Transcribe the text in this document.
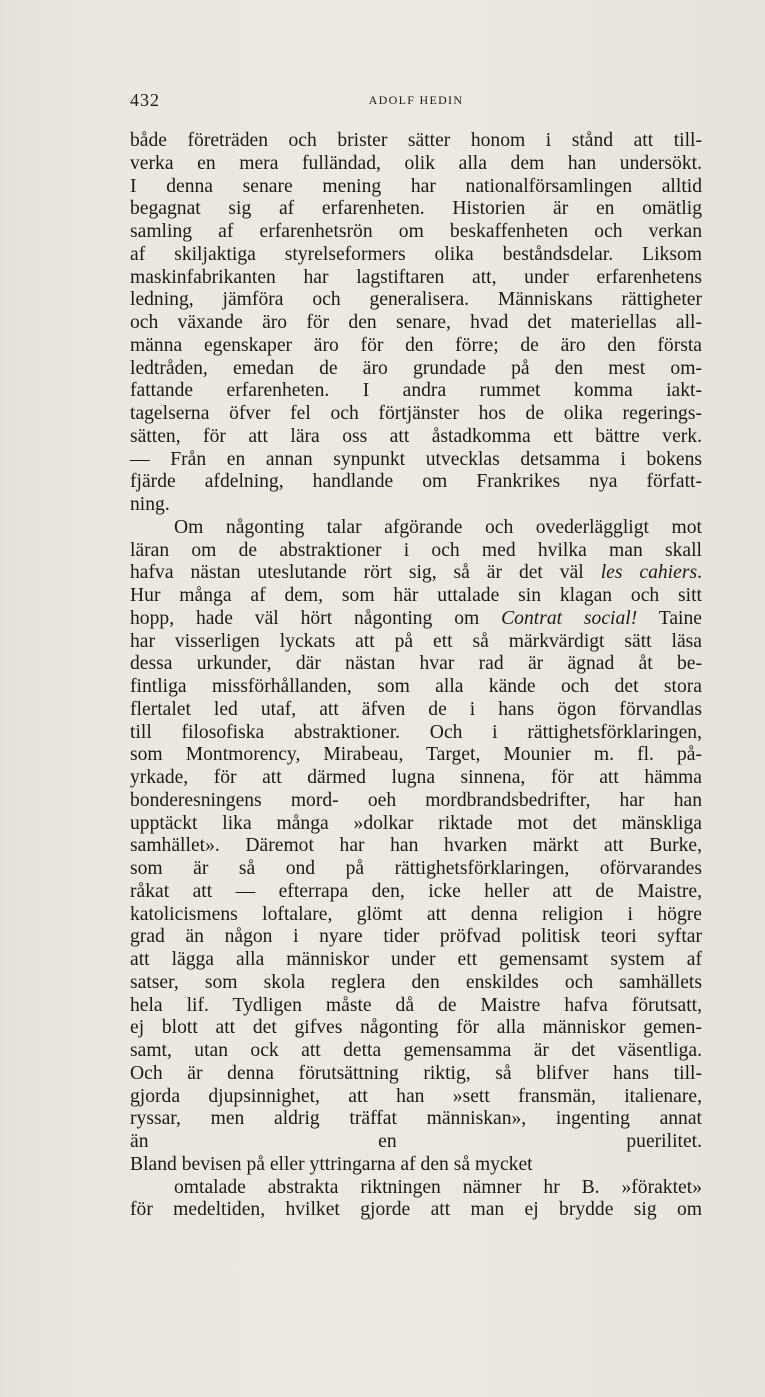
432	ADOLF HEDIN

både företräden och brister sätter honom i stånd att till-

verka en mera fulländad, olik alla dem han undersökt.

I denna senare mening har nationalförsamlingen alltid

begagnat sig af erfarenheten. Historien är en omätlig

samling af erfarenhetsrön om beskaffenheten och verkan

af skiljaktiga styrelseformers olika beståndsdelar. Liksom

maskinfabrikanten har lagstiftaren att, under erfarenhetens

ledning, jämföra och generalisera. Människans rättigheter

och växande äro för den senare, hvad det materiellas all-

männa egenskaper äro för den förre; de äro den första

ledtråden, emedan de äro grundade på den mest om-

fattande erfarenheten. I andra rummet komma iakt-

tagelserna öfver fel och förtjänster hos de olika regerings-

sätten, för att lära oss att åstadkomma ett bättre verk.

— Från en annan synpunkt utvecklas detsamma i bokens

fjärde afdelning, handlande om Frankrikes nya författ-

ning.

Om någonting talar afgörande och ovederläggligt mot

läran om de abstraktioner i och med hvilka man skall

hafva nästan uteslutande rört sig, så är det väl les cahiers.

Hur många af dem, som här uttalade sin klagan och sitt

hopp, hade väl hört någonting om Contrat social! Taine

har visserligen lyckats att på ett så märkvärdigt sätt läsa

dessa urkunder, där nästan hvar rad är ägnad åt be-

fintliga missförhållanden, som alla kände och det stora

flertalet led utaf, att äfven de i hans ögon förvandlas

till filosofiska abstraktioner. Och i rättighetsförklaringen,

som Montmorency, Mirabeau, Target, Mounier m. fl. på-

yrkade, för att därmed lugna sinnena, för att hämma

bonderesningens mord- oeh mordbrandsbedrifter, har han

upptäckt lika många »dolkar riktade mot det mänskliga

samhället». Däremot har han hvarken märkt att Burke,

som är så ond på rättighetsförklaringen, oförvarandes

råkat att — efterrapa den, icke heller att de Maistre,

katolicismens loftalare, glömt att denna religion i högre

grad än någon i nyare tider pröfvad politisk teori syftar

att lägga alla människor under ett gemensamt system af

satser, som skola reglera den enskildes och samhällets

hela lif. Tydligen måste då de Maistre hafva förutsatt,

ej blott att det gifves någonting för alla människor gemen-

samt, utan ock att detta gemensamma är det väsentliga.

Och är denna förutsättning riktig, så blifver hans till-

gjorda djupsinnighet, att han »sett fransmän, italienare,

ryssar, men aldrig träffat människan», ingenting annat

än en puerilitet.

Bland bevisen på eller yttringarna af den så mycket

omtalade abstrakta riktningen nämner hr B. »föraktet»

för medeltiden, hvilket gjorde att man ej brydde sig om
